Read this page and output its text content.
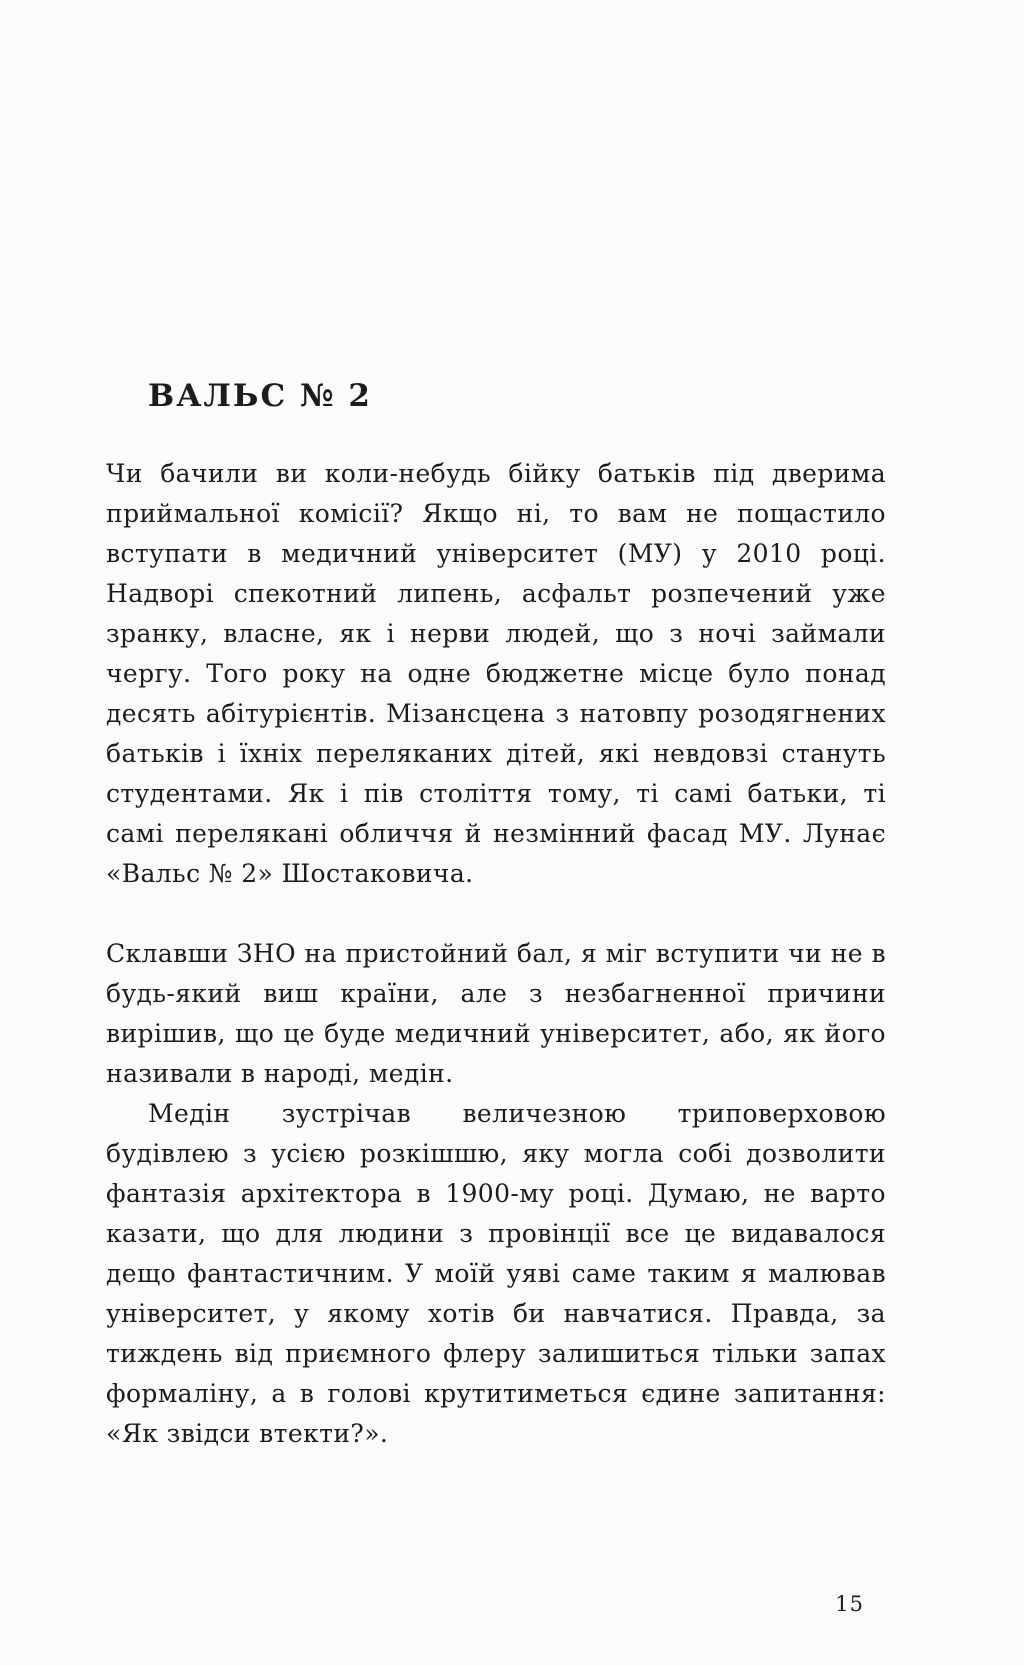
ВАЛЬС № 2

Чи бачили ви коли-небудь бійку батьків під дверима приймальної комісії? Якщо ні, то вам не пощастило вступати в медичний університет (МУ) у 2010 році. Надворі спекотний липень, асфальт розпечений уже зранку, власне, як і нерви людей, що з ночі займали чергу. Того року на одне бюджетне місце було понад десять абітурієнтів. Мізансцена з натовпу розодягнених батьків і їхніх переляканих дітей, які невдовзі стануть студентами. Як і пів століття тому, ті самі батьки, ті самі перелякані обличчя й незмінний фасад МУ. Лунає «Вальс № 2» Шостаковича.

Склавши ЗНО на пристойний бал, я міг вступити чи не в будь-який виш країни, але з незбагненної причини вирішив, що це буде медичний університет, або, як його називали в народі, медін.

Медін зустрічав величезною триповерховою будівлею з усією розкішшю, яку могла собі дозволити фантазія архітектора в 1900-му році. Думаю, не варто казати, що для людини з провінції все це видавалося дещо фантастичним. У моїй уяві саме таким я малював університет, у якому хотів би навчатися. Правда, за тиждень від приємного флеру залишиться тільки запах формаліну, а в голові крутитиметься єдине запитання: «Як звідси втекти?».

15
